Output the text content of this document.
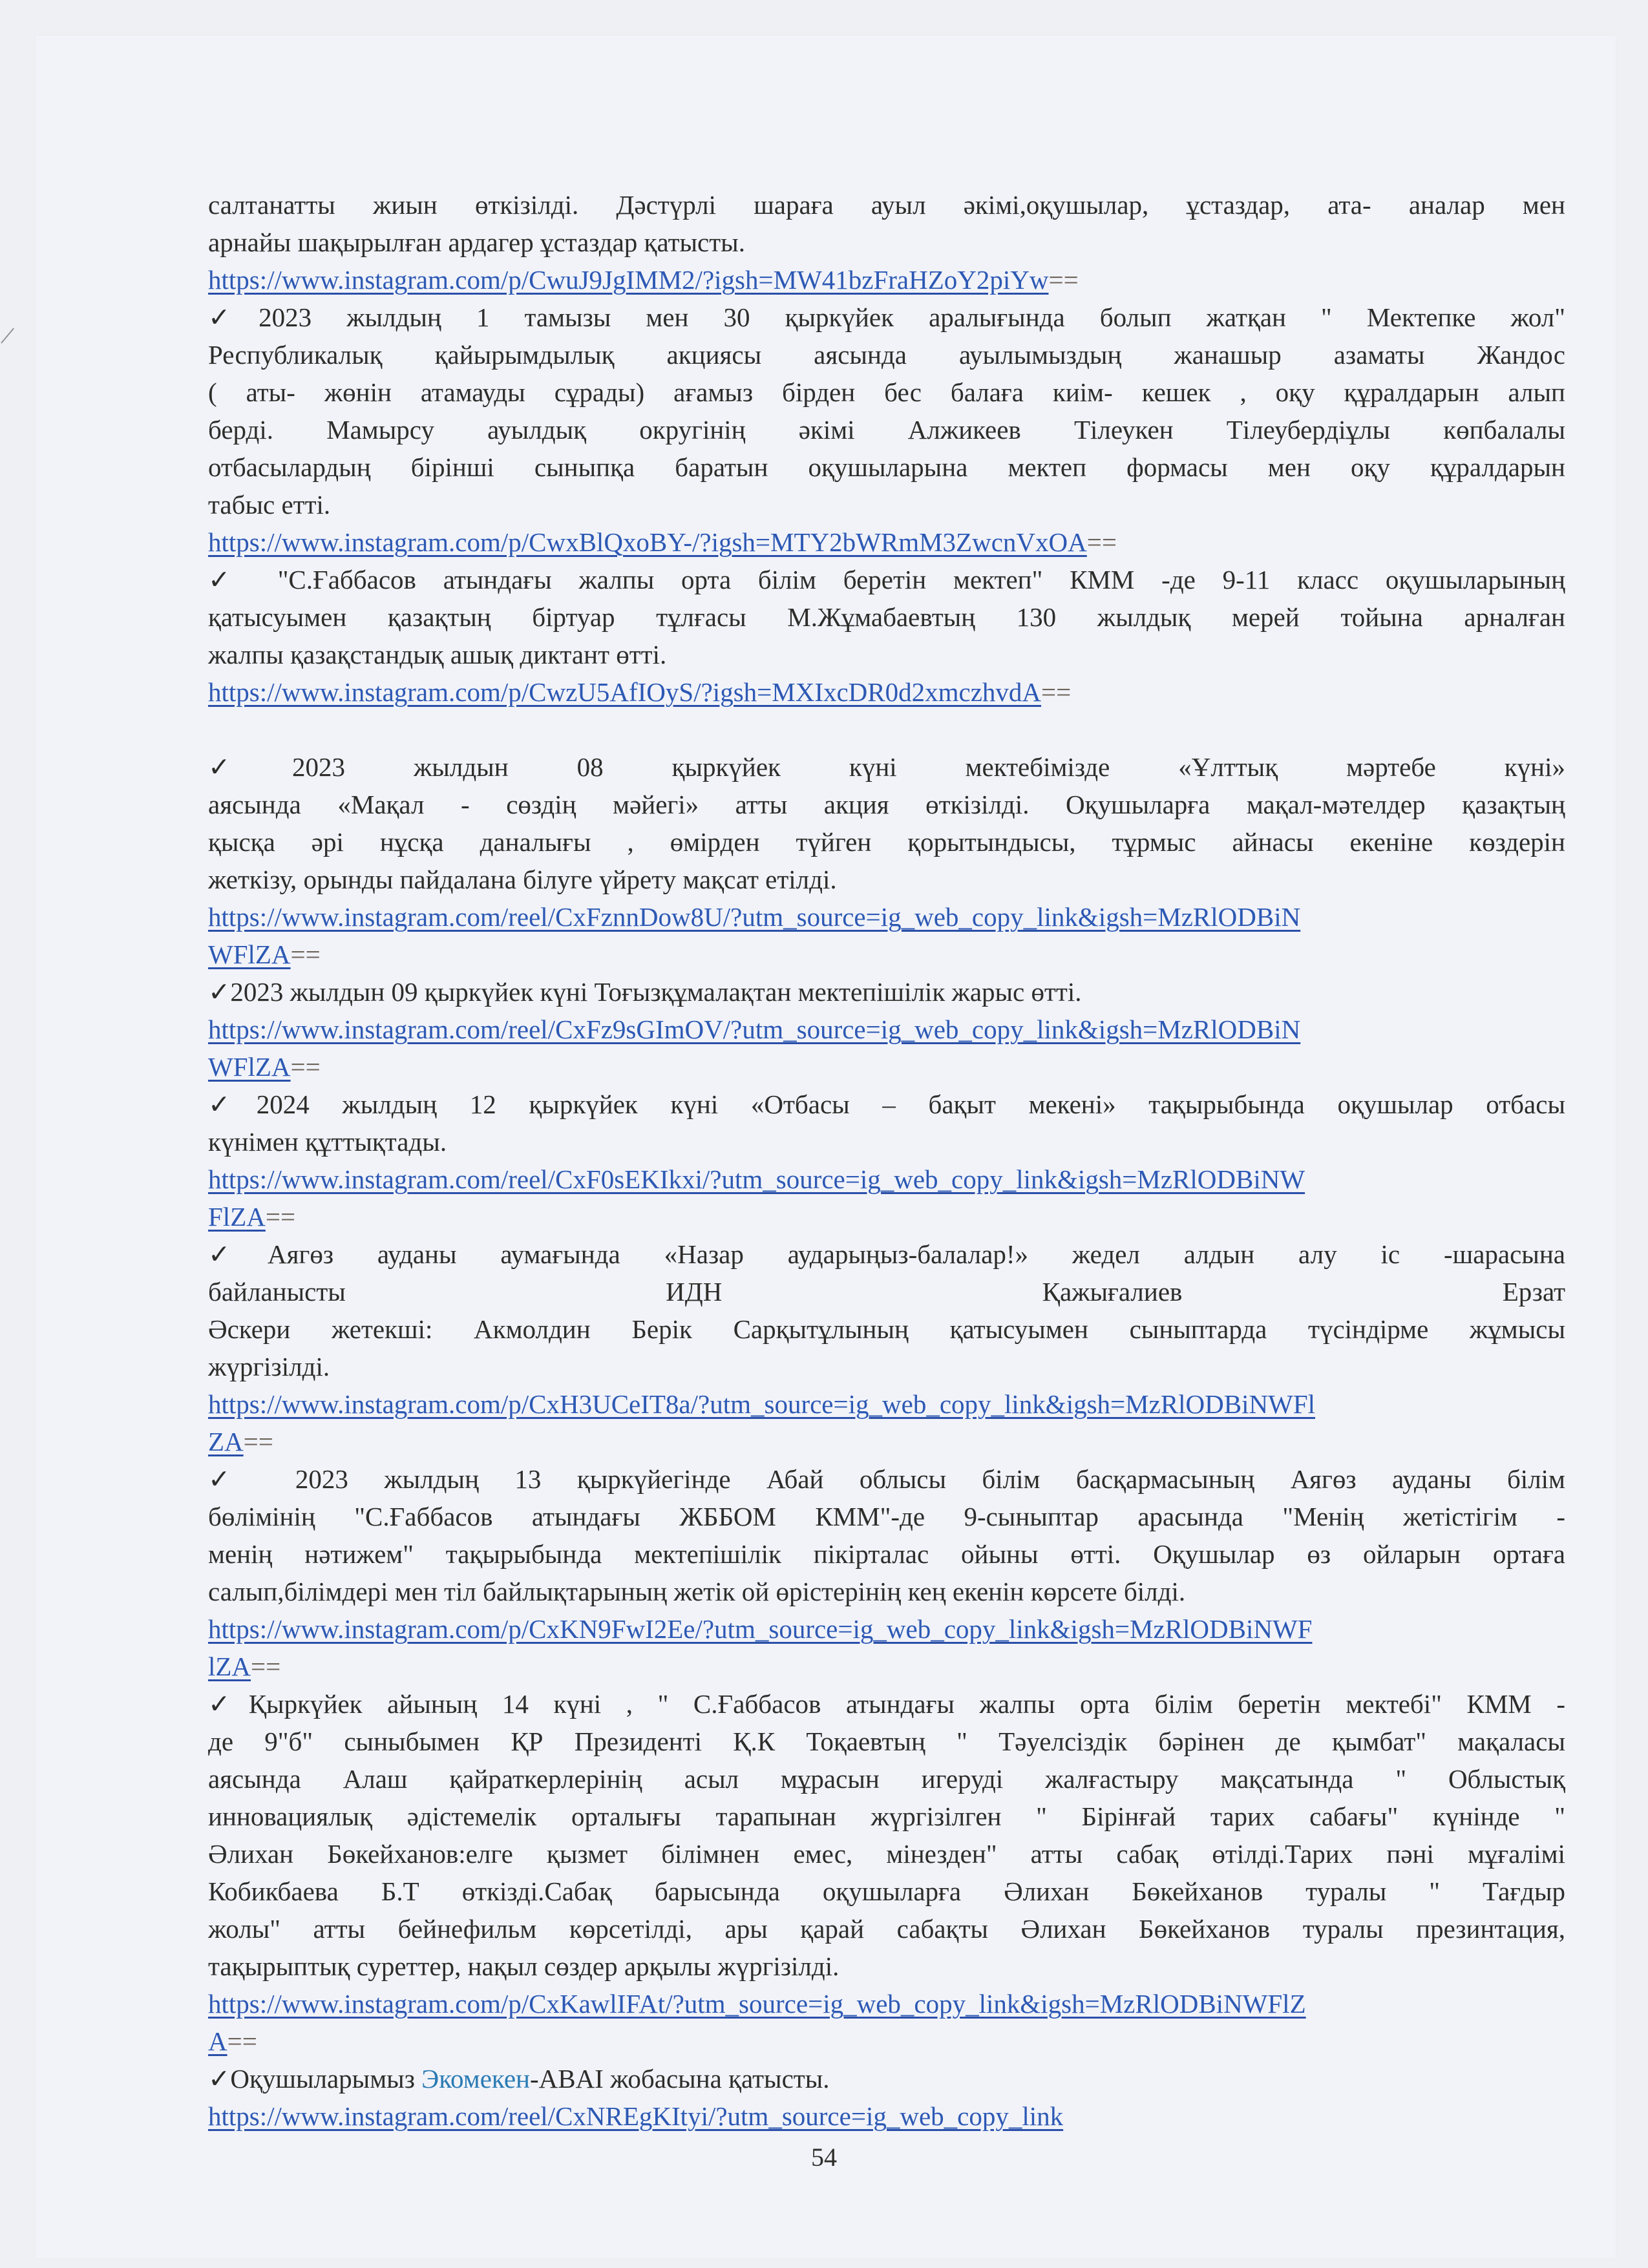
салтанатты жиын өткізілді. Дәстүрлі шараға ауыл әкімі,оқушылар, ұстаздар, ата- аналар мен
арнайы шақырылған ардагер ұстаздар қатысты.
https://www.instagram.com/p/CwuJ9JgIMM2/?igsh=MW41bzFraHZoY2piYw==
✓2023 жылдың 1 тамызы мен 30 қыркүйек аралығында болып жатқан " Мектепке жол"
Республикалық қайырымдылық акциясы аясында ауылымыздың жанашыр азаматы Жандос
( аты- жөнін атамауды сұрады) ағамыз бірден бес балаға киім- кешек , оқу құралдарын алып
берді. Мамырсу ауылдық округінің әкімі Алжикеев Тілеукен Тілеубердіұлы көпбалалы
отбасылардың бірінші сыныпқа баратын оқушыларына мектеп формасы мен оқу құралдарын
табыс етті.
https://www.instagram.com/p/CwxBlQxoBY-/?igsh=MTY2bWRmM3ZwcnVxOA==
✓ "С.Ғаббасов атындағы жалпы орта білім беретін мектеп" КММ -де 9-11 класс оқушыларының
қатысуымен қазақтың біртуар тұлғасы М.Жұмабаевтың 130 жылдық мерей тойына арналған
жалпы қазақстандық ашық диктант өтті.
https://www.instagram.com/p/CwzU5AfIOyS/?igsh=MXIxcDR0d2xmczhvdA==
✓2023 жылдын 08 қыркүйек күні мектебімізде «Ұлттық мәртебе күні»
аясында «Мақал - сөздің мәйегі» атты акция өткізілді. Оқушыларға мақал-мәтелдер қазақтың
қысқа әрі нұсқа даналығы , өмірден түйген қорытындысы, тұрмыс айнасы екеніне көздерін
жеткізу, орынды пайдалана білуге үйрету мақсат етілді.
https://www.instagram.com/reel/CxFznnDow8U/?utm_source=ig_web_copy_link&igsh=MzRlODBiN
WFlZA==
✓2023 жылдын 09 қыркүйек күні Тоғызқұмалақтан мектепішілік жарыс өтті.
https://www.instagram.com/reel/CxFz9sGImOV/?utm_source=ig_web_copy_link&igsh=MzRlODBiN
WFlZA==
✓2024 жылдың 12 қыркүйек күні «Отбасы – бақыт мекені» тақырыбында оқушылар отбасы
күнімен құттықтады.
https://www.instagram.com/reel/CxF0sEKIkxi/?utm_source=ig_web_copy_link&igsh=MzRlODBiNW
FlZA==
✓Аягөз ауданы аумағында «Назар аударыңыз-балалар!» жедел алдын алу іс -шарасына
байланысты ИДН Қажығалиев Ерзат
Әскери жетекші: Акмолдин Берік Сарқытұлының қатысуымен сыныптарда түсіндірме жұмысы
жүргізілді.
https://www.instagram.com/p/CxH3UCeIT8a/?utm_source=ig_web_copy_link&igsh=MzRlODBiNWFl
ZA==
✓ 2023 жылдың 13 қыркүйегінде Абай облысы білім басқармасының Аягөз ауданы білім
бөлімінің "С.Ғаббасов атындағы ЖББОМ КММ"-де 9-сыныптар арасында "Менің жетістігім -
менің нәтижем" тақырыбында мектепішілік пікірталас ойыны өтті. Оқушылар өз ойларын ортаға
салып,білімдері мен тіл байлықтарының жетік ой өрістерінің кең екенін көрсете білді.
https://www.instagram.com/p/CxKN9FwI2Ee/?utm_source=ig_web_copy_link&igsh=MzRlODBiNWF
lZA==
✓Қыркүйек айының 14 күні , " С.Ғаббасов атындағы жалпы орта білім беретін мектебі" КММ -
де 9"б" сыныбымен ҚР Президенті Қ.К Тоқаевтың " Тәуелсіздік бәрінен де қымбат" мақаласы
аясында Алаш қайраткерлерінің асыл мұрасын игеруді жалғастыру мақсатында " Облыстық
инновациялық әдістемелік орталығы тарапынан жүргізілген " Бірінғай тарих сабағы" күнінде "
Әлихан Бөкейханов:елге қызмет білімнен емес, мінезден" атты сабақ өтілді.Тарих пәні мұғалімі
Кобикбаева Б.Т өткізді.Сабақ барысында оқушыларға Әлихан Бөкейханов туралы " Тағдыр
жолы" атты бейнефильм көрсетілді, ары қарай сабақты Әлихан Бөкейханов туралы презинтация,
тақырыптық суреттер, нақыл сөздер арқылы жүргізілді.
https://www.instagram.com/p/CxKawlIFAt/?utm_source=ig_web_copy_link&igsh=MzRlODBiNWFlZ
A==
✓Оқушыларымыз Экомекен-ABAI жобасына қатысты.
https://www.instagram.com/reel/CxNREgKItyi/?utm_source=ig_web_copy_link
54
